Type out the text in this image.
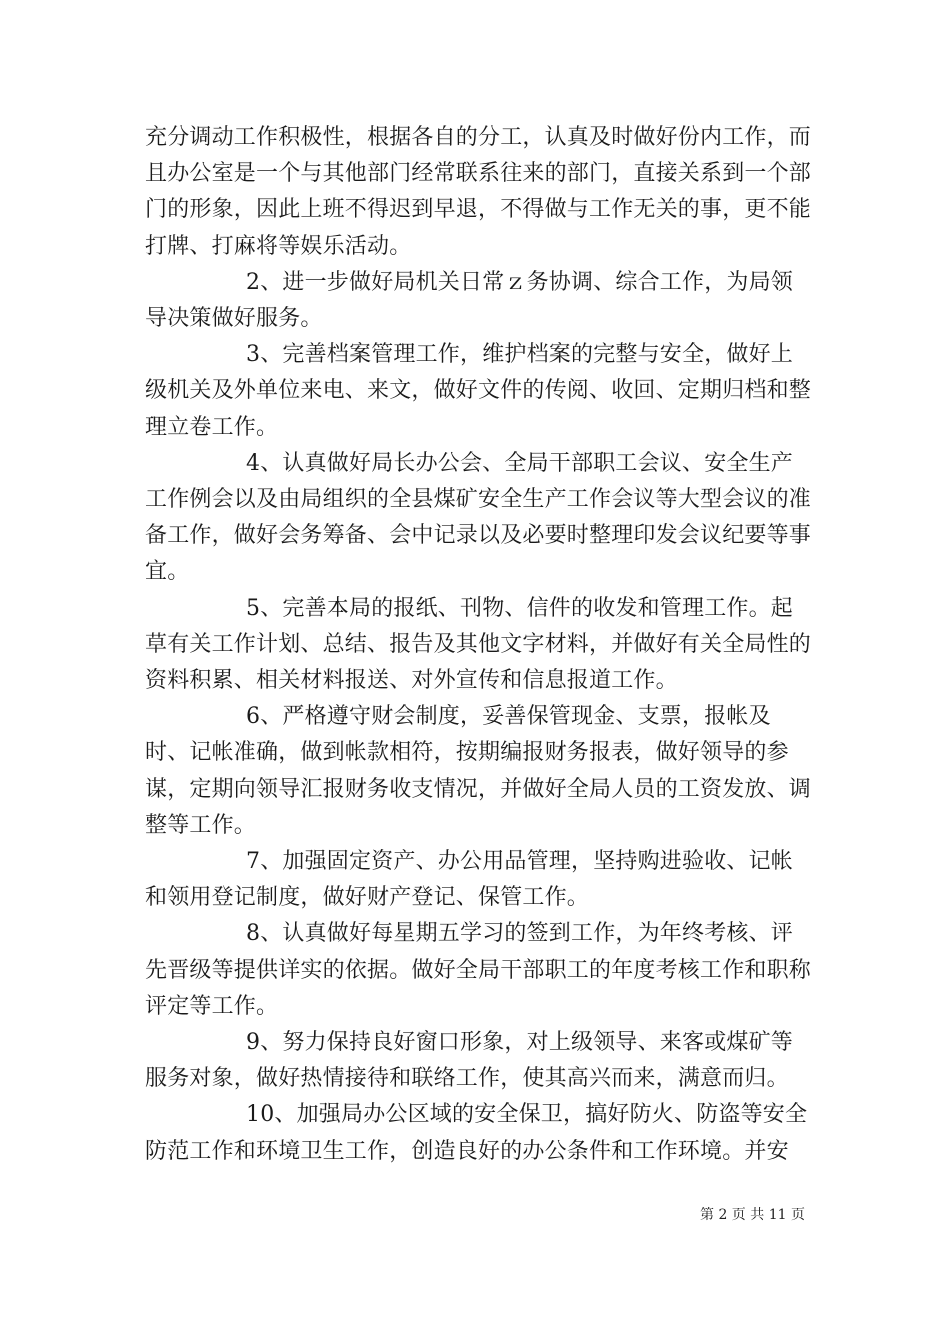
充分调动工作积极性，根据各自的分工，认真及时做好份内工作，而且办公室是一个与其他部门经常联系往来的部门，直接关系到一个部门的形象，因此上班不得迟到早退，不得做与工作无关的事，更不能打牌、打麻将等娱乐活动。

2、进一步做好局机关日常ｚ务协调、综合工作，为局领导决策做好服务。

3、完善档案管理工作，维护档案的完整与安全，做好上级机关及外单位来电、来文，做好文件的传阅、收回、定期归档和整理立卷工作。

4、认真做好局长办公会、全局干部职工会议、安全生产工作例会以及由局组织的全县煤矿安全生产工作会议等大型会议的准备工作，做好会务筹备、会中记录以及必要时整理印发会议纪要等事宜。

5、完善本局的报纸、刊物、信件的收发和管理工作。起草有关工作计划、总结、报告及其他文字材料，并做好有关全局性的资料积累、相关材料报送、对外宣传和信息报道工作。

6、严格遵守财会制度，妥善保管现金、支票，报帐及时、记帐准确，做到帐款相符，按期编报财务报表，做好领导的参谋，定期向领导汇报财务收支情况，并做好全局人员的工资发放、调整等工作。

7、加强固定资产、办公用品管理，坚持购进验收、记帐和领用登记制度，做好财产登记、保管工作。

8、认真做好每星期五学习的签到工作，为年终考核、评先晋级等提供详实的依据。做好全局干部职工的年度考核工作和职称评定等工作。

9、努力保持良好窗口形象，对上级领导、来客或煤矿等服务对象，做好热情接待和联络工作，使其高兴而来，满意而归。

10、加强局办公区域的安全保卫，搞好防火、防盗等安全防范工作和环境卫生工作，创造良好的办公条件和工作环境。并安

第 2 页 共 11 页
